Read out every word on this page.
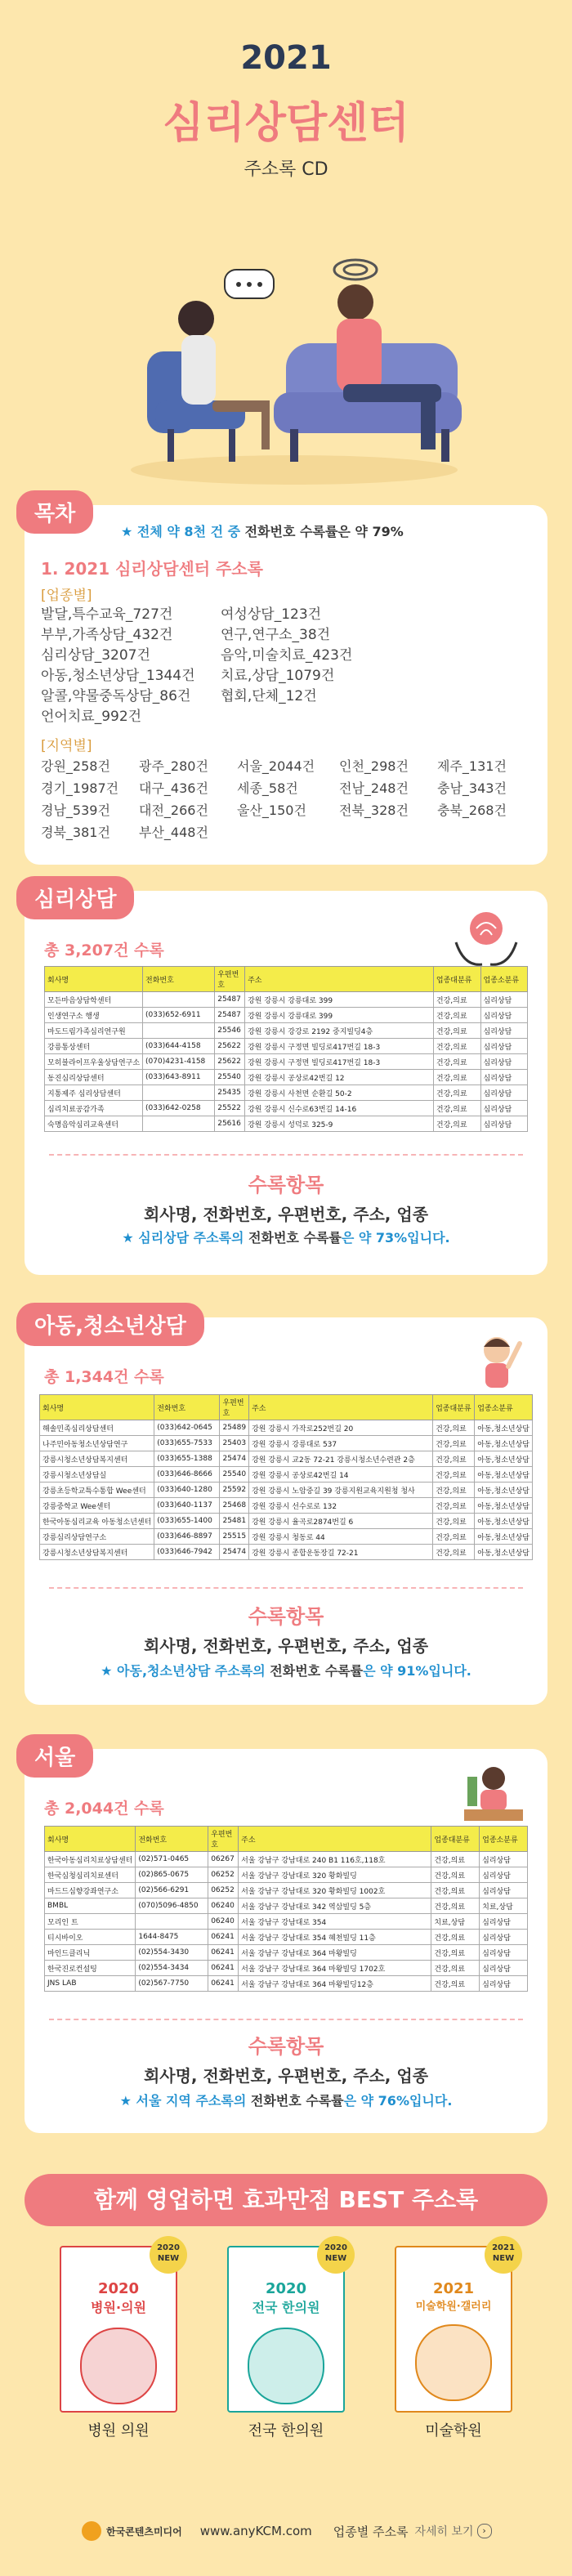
2021
심리상담센터
주소록 CD
목차
★ 전체 약 8천 건 중 전화번호 수록률은 약 79%
1. 2021 심리상담센터 주소록
[업종별]
발달,특수교육_727건
부부,가족상담_432건
심리상담_3207건
아동,청소년상담_1344건
알콜,약물중독상담_86건
언어치료_992건
여성상담_123건
연구,연구소_38건
음악,미술치료_423건
치료,상담_1079건
협회,단체_12건
[지역별]
강원_258건	광주_280건	서울_2044건	인천_298건	제주_131건
경기_1987건	대구_436건	세종_58건	전남_248건	충남_343건
경남_539건	대전_266건	울산_150건	전북_328건	충북_268건
경북_381건	부산_448건
심리상담
총 3,207건 수록
회사명	전화번호	우편번호	주소	업종대분류	업종소분류
모든마음상담학센터		25487	강원 강릉시 강릉대로 399	건강,의료	심리상담
인생연구소 행생	(033)652-6911	25487	강원 강릉시 강릉대로 399	건강,의료	심리상담
마도드림가족심리연구원		25546	강원 강릉시 강강로 2192 중지빌딩4층	건강,의료	심리상담
강릉통상센터	(033)644-4158	25622	강원 강릉시 구정면 빌딩로417번길 18-3	건강,의료	심리상담
모히블라이프우울상담연구소	(070)4231-4158	25622	강원 강릉시 구정면 빌딩로417번길 18-3	건강,의료	심리상담
동진심리상담센터	(033)643-8911	25540	강원 강릉시 공상로42번길 12	건강,의료	심리상담
지통제주 심리상담센터		25435	강원 강릉시 사천면 순환길 50-2	건강,의료	심리상담
심리치료공감가족	(033)642-0258	25522	강원 강릉시 신수로63번길 14-16	건강,의료	심리상담
숙명음악심리교육센터		25616	강원 강릉시 성덕로 325-9	건강,의료	심리상담
수록항목
회사명, 전화번호, 우편번호, 주소, 업종
★ 심리상담 주소록의 전화번호 수록률은 약 73%입니다.
아동,청소년상담
총 1,344건 수록
회사명	전화번호	우편번호	주소	업종대분류	업종소분류
해솔민족심리상담센터	(033)642-0645	25489	강원 강릉시 가작로252번길 20	건강,의료	아동,청소년상담
나주민아동청소년상담연구	(033)655-7533	25403	강원 강릉시 강릉대로 537	건강,의료	아동,청소년상담
강릉시청소년상담복지센터	(033)655-1388	25474	강원 강릉시 교2동 72-21 강릉시청소년수련관 2층	건강,의료	아동,청소년상담
강릉시청소년상담실	(033)646-8666	25540	강원 강릉시 공상로42번길 14	건강,의료	아동,청소년상담
강릉초등학교특수통합 Wee센터	(033)640-1280	25592	강원 강릉시 노암중길 39 강릉지원교육지원청 청사	건강,의료	아동,청소년상담
강릉중학교 Wee센터	(033)640-1137	25468	강원 강릉시 선수로로 132	건강,의료	아동,청소년상담
한국아동심리교육 아동청소년센터	(033)655-1400	25481	강원 강릉시 율곡로2874번길 6	건강,의료	아동,청소년상담
강릉심리상담연구소	(033)646-8897	25515	강원 강릉시 청동로 44	건강,의료	아동,청소년상담
강릉시청소년상담복지센터	(033)646-7942	25474	강원 강릉시 종합운동장길 72-21	건강,의료	아동,청소년상담
수록항목
회사명, 전화번호, 우편번호, 주소, 업종
★ 아동,청소년상담 주소록의 전화번호 수록률은 약 91%입니다.
서울
총 2,044건 수록
회사명	전화번호	우편번호	주소	업종대분류	업종소분류
한국아동심리치료상담센터	(02)571-0465	06267	서울 강남구 강남대로 240 B1 116호,118호	건강,의료	심리상담
한국심청심리치료센터	(02)865-0675	06252	서울 강남구 강남대로 320 황화빌딩	건강,의료	심리상담
마드드심향강좌연구소	(02)566-6291	06252	서울 강남구 강남대로 320 황화빌딩 1002호	건강,의료	심리상담
BMBL	(070)5096-4850	06240	서울 강남구 강남대로 342 역삼빌딩 5층	건강,의료	치료,상담
모리인 트		06240	서울 강남구 강남대로 354	치료,상담	심리상담
티시바이오	1644-8475	06241	서울 강남구 강남대로 354 혜천빌딩 11층	건강,의료	심리상담
마인드클리닉	(02)554-3430	06241	서울 강남구 강남대로 364 마왕빌딩	건강,의료	심리상담
한국진로컨설팅	(02)554-3434	06241	서울 강남구 강남대로 364 마왕빌딩 1702호	건강,의료	심리상담
JNS LAB	(02)567-7750	06241	서울 강남구 강남대로 364 마왕빌딩12층	건강,의료	심리상담
수록항목
회사명, 전화번호, 우편번호, 주소, 업종
★ 서울 지역 주소록의 전화번호 수록률은 약 76%입니다.
함께 영업하면 효과만점 BEST 주소록
2020 NEW
2020
병원·의원
병원 의원
2020 NEW
2020
전국 한의원
전국 한의원
2021 NEW
2021
미술학원·갤러리
미술학원
한국콘텐츠미디어 www.anyKCM.com 업종별 주소록 자세히 보기 ›
